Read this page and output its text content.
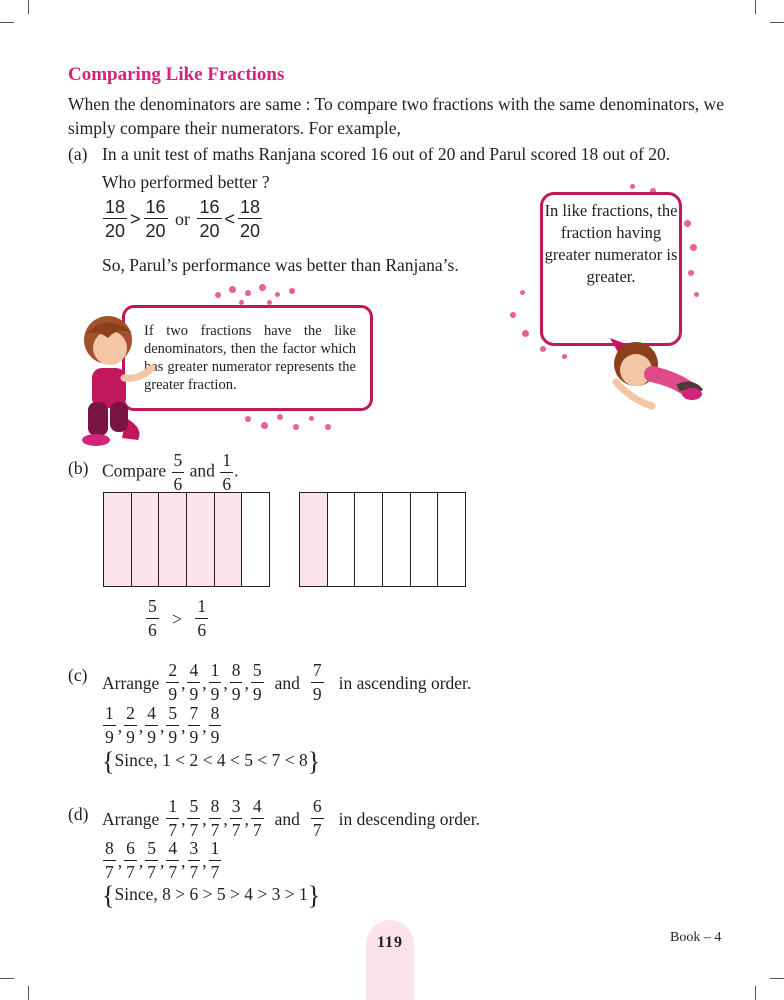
Comparing Like Fractions
When the denominators are same : To compare two fractions with the same denominators, we simply compare their numerators. For example,
(a) In a unit test of maths Ranjana scored 16 out of 20 and Parul scored 18 out of 20.
Who performed better ?
$\frac{18}{20} > \frac{16}{20}$ or $\frac{16}{20} < \frac{18}{20}$
So, Parul’s performance was better than Ranjana’s.
If two fractions have the like denominators, then the factor which has greater numerator represents the greater fraction.
In like fractions, the fraction having greater numerator is greater.
(b) Compare $\frac{5}{6}$ and $\frac{1}{6}$ .
$\frac{5}{6} > \frac{1}{6}$
(c) Arrange $\frac{2}{9}$ , $\frac{4}{9}$ , $\frac{1}{9}$ , $\frac{8}{9}$ , $\frac{5}{9}$ and $\frac{7}{9}$ in ascending order.
$\frac{1}{9}$ , $\frac{2}{9}$ , $\frac{4}{9}$ , $\frac{5}{9}$ , $\frac{7}{9}$ , $\frac{8}{9}$
{Since, 1 < 2 < 4 < 5 < 7 < 8}
(d) Arrange $\frac{1}{7}$ , $\frac{5}{7}$ , $\frac{8}{7}$ , $\frac{3}{7}$ , $\frac{4}{7}$ and $\frac{6}{7}$ in descending order.
$\frac{8}{7}$ , $\frac{6}{7}$ , $\frac{5}{7}$ , $\frac{4}{7}$ , $\frac{3}{7}$ , $\frac{1}{7}$
{Since, 8 > 6 > 5 > 4 > 3 > 1}
119	Book – 4
